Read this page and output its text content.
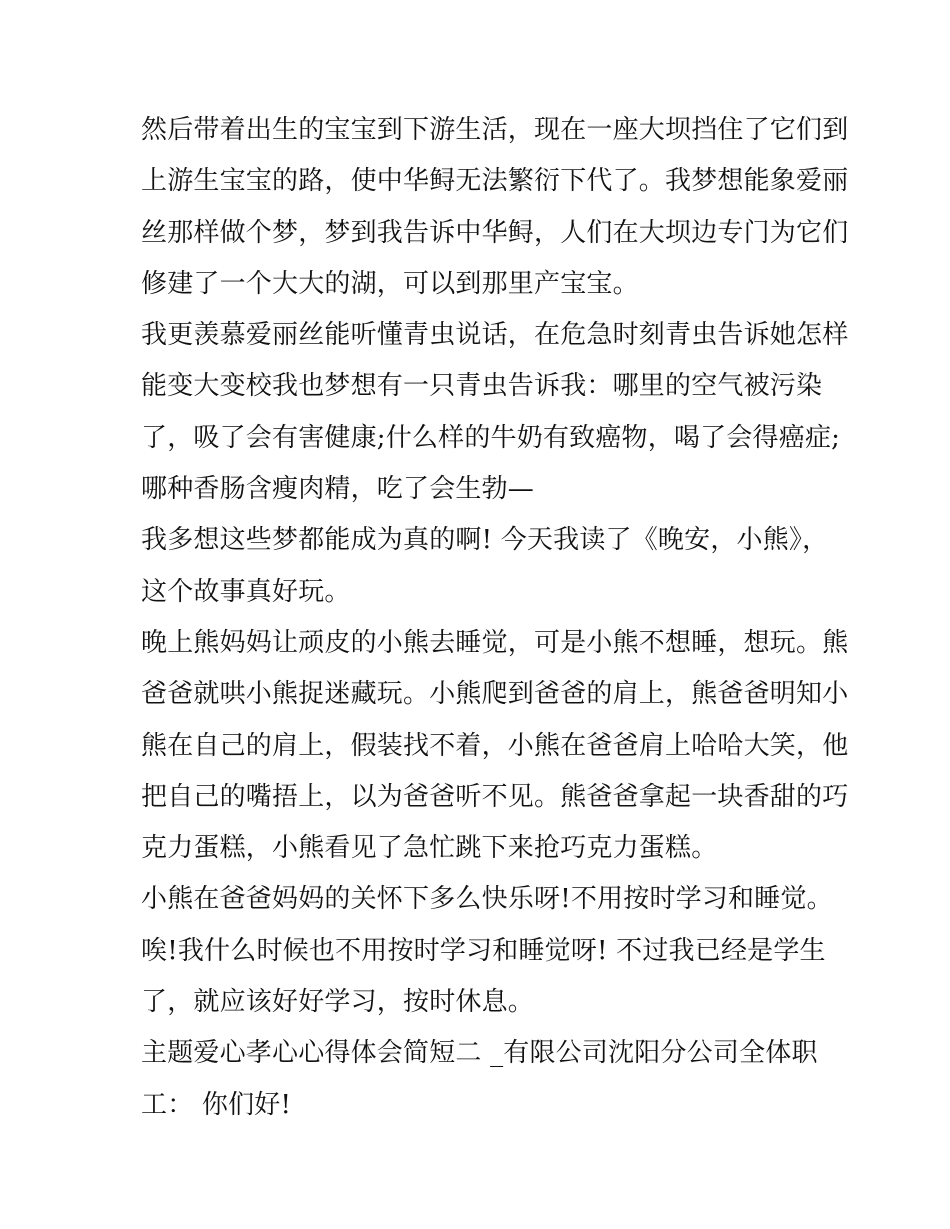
然后带着出生的宝宝到下游生活，现在一座大坝挡住了它们到
上游生宝宝的路，使中华鲟无法繁衍下代了。我梦想能象爱丽
丝那样做个梦，梦到我告诉中华鲟，人们在大坝边专门为它们
修建了一个大大的湖，可以到那里产宝宝。
我更羡慕爱丽丝能听懂青虫说话，在危急时刻青虫告诉她怎样
能变大变校我也梦想有一只青虫告诉我：哪里的空气被污染
了，吸了会有害健康;什么样的牛奶有致癌物，喝了会得癌症;
哪种香肠含瘦肉精，吃了会生勃—
我多想这些梦都能成为真的啊! 今天我读了《晚安，小熊》，
这个故事真好玩。
晚上熊妈妈让顽皮的小熊去睡觉，可是小熊不想睡，想玩。熊
爸爸就哄小熊捉迷藏玩。小熊爬到爸爸的肩上，熊爸爸明知小
熊在自己的肩上，假装找不着，小熊在爸爸肩上哈哈大笑，他
把自己的嘴捂上，以为爸爸听不见。熊爸爸拿起一块香甜的巧
克力蛋糕，小熊看见了急忙跳下来抢巧克力蛋糕。
小熊在爸爸妈妈的关怀下多么快乐呀!不用按时学习和睡觉。
唉!我什么时候也不用按时学习和睡觉呀! 不过我已经是学生
了，就应该好好学习，按时休息。
主题爱心孝心心得体会简短二 _有限公司沈阳分公司全体职
工： 你们好!
